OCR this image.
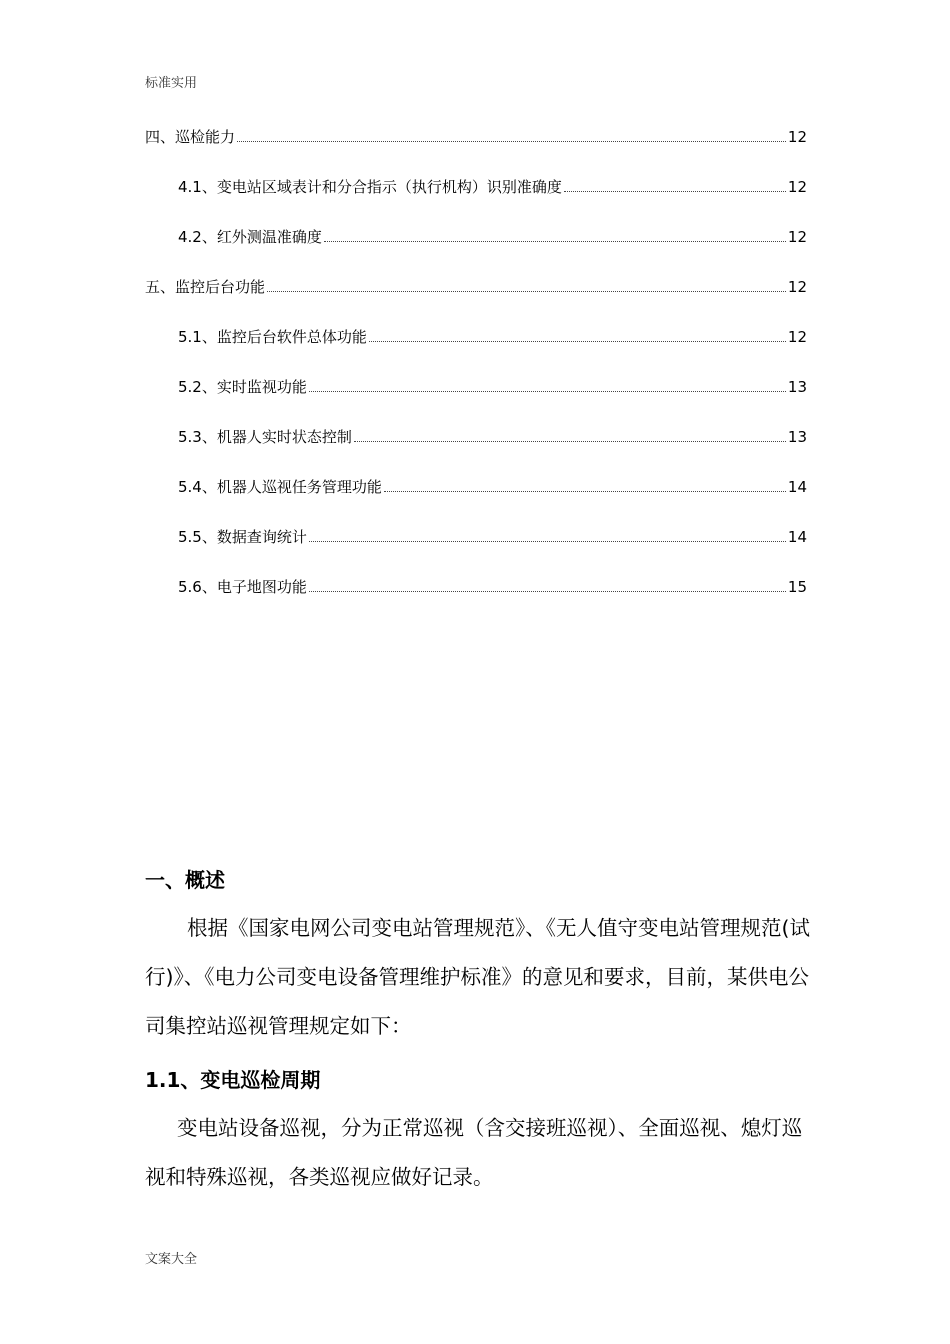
标准实用
四、巡检能力	12
4.1、变电站区域表计和分合指示（执行机构）识别准确度	12
4.2、红外测温准确度	12
五、监控后台功能	12
5.1、监控后台软件总体功能	12
5.2、实时监视功能	13
5.3、机器人实时状态控制	13
5.4、机器人巡视任务管理功能	14
5.5、数据查询统计	14
5.6、电子地图功能	15
一、概述
根据《国家电网公司变电站管理规范》、《无人值守变电站管理规范(试行)》、《电力公司变电设备管理维护标准》的意见和要求，目前，某供电公司集控站巡视管理规定如下：
1.1、变电巡检周期
变电站设备巡视，分为正常巡视（含交接班巡视）、全面巡视、熄灯巡视和特殊巡视，各类巡视应做好记录。
文案大全
